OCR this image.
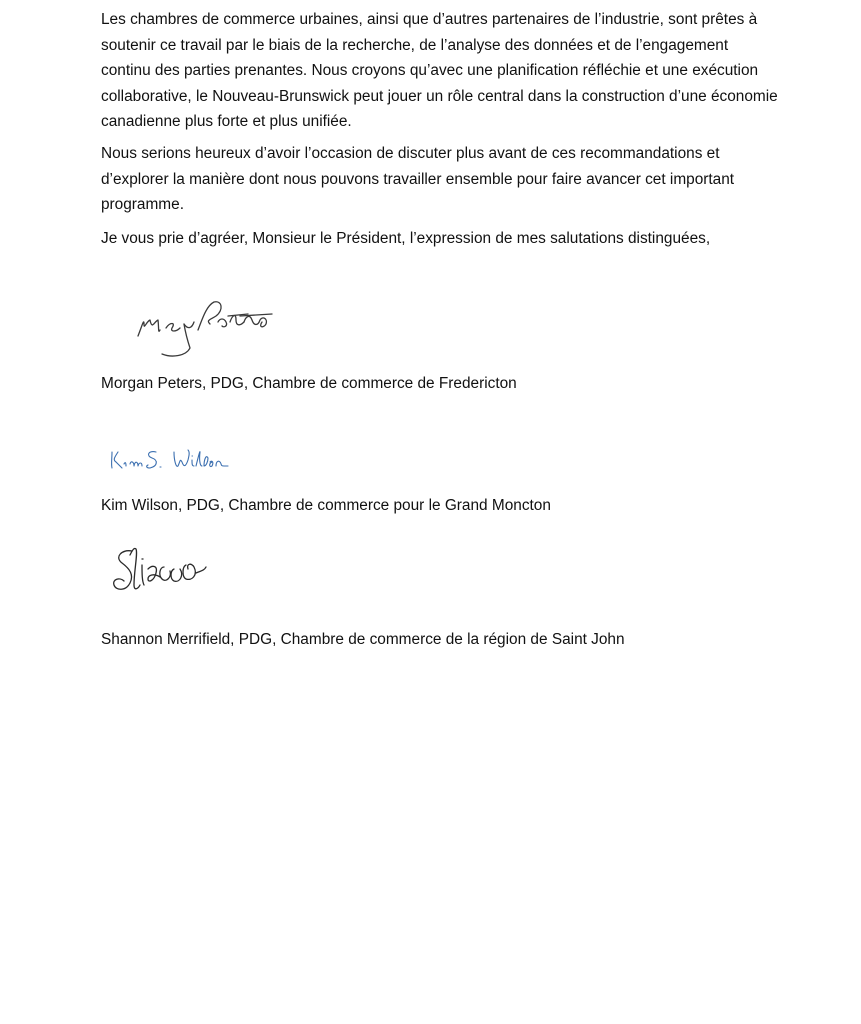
Les chambres de commerce urbaines, ainsi que d’autres partenaires de l’industrie, sont prêtes à soutenir ce travail par le biais de la recherche, de l’analyse des données et de l’engagement continu des parties prenantes. Nous croyons qu’avec une planification réfléchie et une exécution collaborative, le Nouveau-Brunswick peut jouer un rôle central dans la construction d’une économie canadienne plus forte et plus unifiée.

Nous serions heureux d’avoir l’occasion de discuter plus avant de ces recommandations et d’explorer la manière dont nous pouvons travailler ensemble pour faire avancer cet important programme.

Je vous prie d’agréer, Monsieur le Président, l’expression de mes salutations distinguées,

Morgan Peters, PDG, Chambre de commerce de Fredericton

Kim Wilson, PDG, Chambre de commerce pour le Grand Moncton

Shannon Merrifield, PDG, Chambre de commerce de la région de Saint John
